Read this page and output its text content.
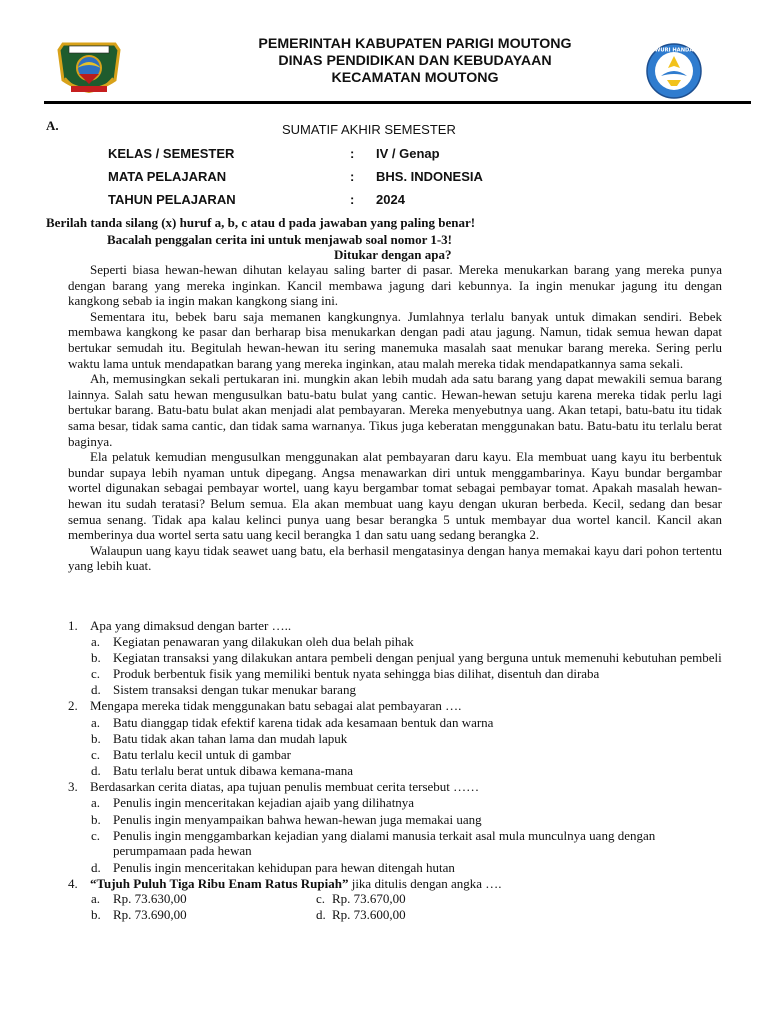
PEMERINTAH KABUPATEN PARIGI MOUTONG
DINAS PENDIDIKAN DAN KEBUDAYAAN
KECAMATAN MOUTONG
TUT WURI HANDAYANI
A.	SUMATIF AKHIR SEMESTER
KELAS / SEMESTER	: IV / Genap
MATA PELAJARAN	: BHS. INDONESIA
TAHUN PELAJARAN	: 2024
Berilah tanda silang (x) huruf a, b, c atau d pada jawaban yang paling benar!
Bacalah penggalan cerita ini untuk menjawab soal nomor 1-3!
Ditukar dengan apa?

Seperti biasa hewan-hewan dihutan kelayau saling barter di pasar. Mereka menukarkan barang yang mereka punya dengan barang yang mereka inginkan. Kancil membawa jagung dari kebunnya. Ia ingin menukar jagung itu dengan kangkong sebab ia ingin makan kangkong siang ini.

Sementara itu, bebek baru saja memanen kangkungnya. Jumlahnya terlalu banyak untuk dimakan sendiri. Bebek membawa kangkong ke pasar dan berharap bisa menukarkan dengan padi atau jagung. Namun, tidak semua hewan dapat bertukar semudah itu. Begitulah hewan-hewan itu sering manemuka masalah saat menukar barang mereka. Sering perlu waktu lama untuk mendapatkan barang yang mereka inginkan, atau malah mereka tidak mendapatkannya sama sekali.

Ah, memusingkan sekali pertukaran ini. mungkin akan lebih mudah ada satu barang yang dapat mewakili semua barang lainnya. Salah satu hewan mengusulkan batu-batu bulat yang cantic. Hewan-hewan setuju karena mereka tidak perlu lagi bertukar barang. Batu-batu bulat akan menjadi alat pembayaran. Mereka menyebutnya uang. Akan tetapi, batu-batu itu tidak sama besar, tidak sama cantic, dan tidak sama warnanya. Tikus juga keberatan menggunakan batu. Batu-batu itu terlalu berat baginya.

Ela pelatuk kemudian mengusulkan menggunakan alat pembayaran daru kayu. Ela membuat uang kayu itu berbentuk bundar supaya lebih nyaman untuk dipegang. Angsa menawarkan diri untuk menggambarinya. Kayu bundar bergambar wortel digunakan sebagai pembayar wortel, uang kayu bergambar tomat sebagai pembayar tomat. Apakah masalah hewan-hewan itu sudah teratasi? Belum semua. Ela akan membuat uang kayu dengan ukuran berbeda. Kecil, sedang dan besar semua senang. Tidak apa kalau kelinci punya uang besar berangka 5 untuk membayar dua wortel kancil. Kancil akan memberinya dua wortel serta satu uang kecil berangka 1 dan satu uang sedang berangka 2.

Walaupun uang kayu tidak seawet uang batu, ela berhasil mengatasinya dengan hanya memakai kayu dari pohon tertentu yang lebih kuat.

1. Apa yang dimaksud dengan barter …..
a. Kegiatan penawaran yang dilakukan oleh dua belah pihak
b. Kegiatan transaksi yang dilakukan antara pembeli dengan penjual yang berguna untuk memenuhi kebutuhan pembeli
c. Produk berbentuk fisik yang memiliki bentuk nyata sehingga bias dilihat, disentuh dan diraba
d. Sistem transaksi dengan tukar menukar barang
2. Mengapa mereka tidak menggunakan batu sebagai alat pembayaran ….
a. Batu dianggap tidak efektif karena tidak ada kesamaan bentuk dan warna
b. Batu tidak akan tahan lama dan mudah lapuk
c. Batu terlalu kecil untuk di gambar
d. Batu terlalu berat untuk dibawa kemana-mana
3. Berdasarkan cerita diatas, apa tujuan penulis membuat cerita tersebut ……
a. Penulis ingin menceritakan kejadian ajaib yang dilihatnya
b. Penulis ingin menyampaikan bahwa hewan-hewan juga memakai uang
c. Penulis ingin menggambarkan kejadian yang dialami manusia terkait asal mula munculnya uang dengan perumpamaan pada hewan
d. Penulis ingin menceritakan kehidupan para hewan ditengah hutan
4. “Tujuh Puluh Tiga Ribu Enam Ratus Rupiah” jika ditulis dengan angka ….
a. Rp. 73.630,00	c. Rp. 73.670,00
b. Rp. 73.690,00	d. Rp. 73.600,00
